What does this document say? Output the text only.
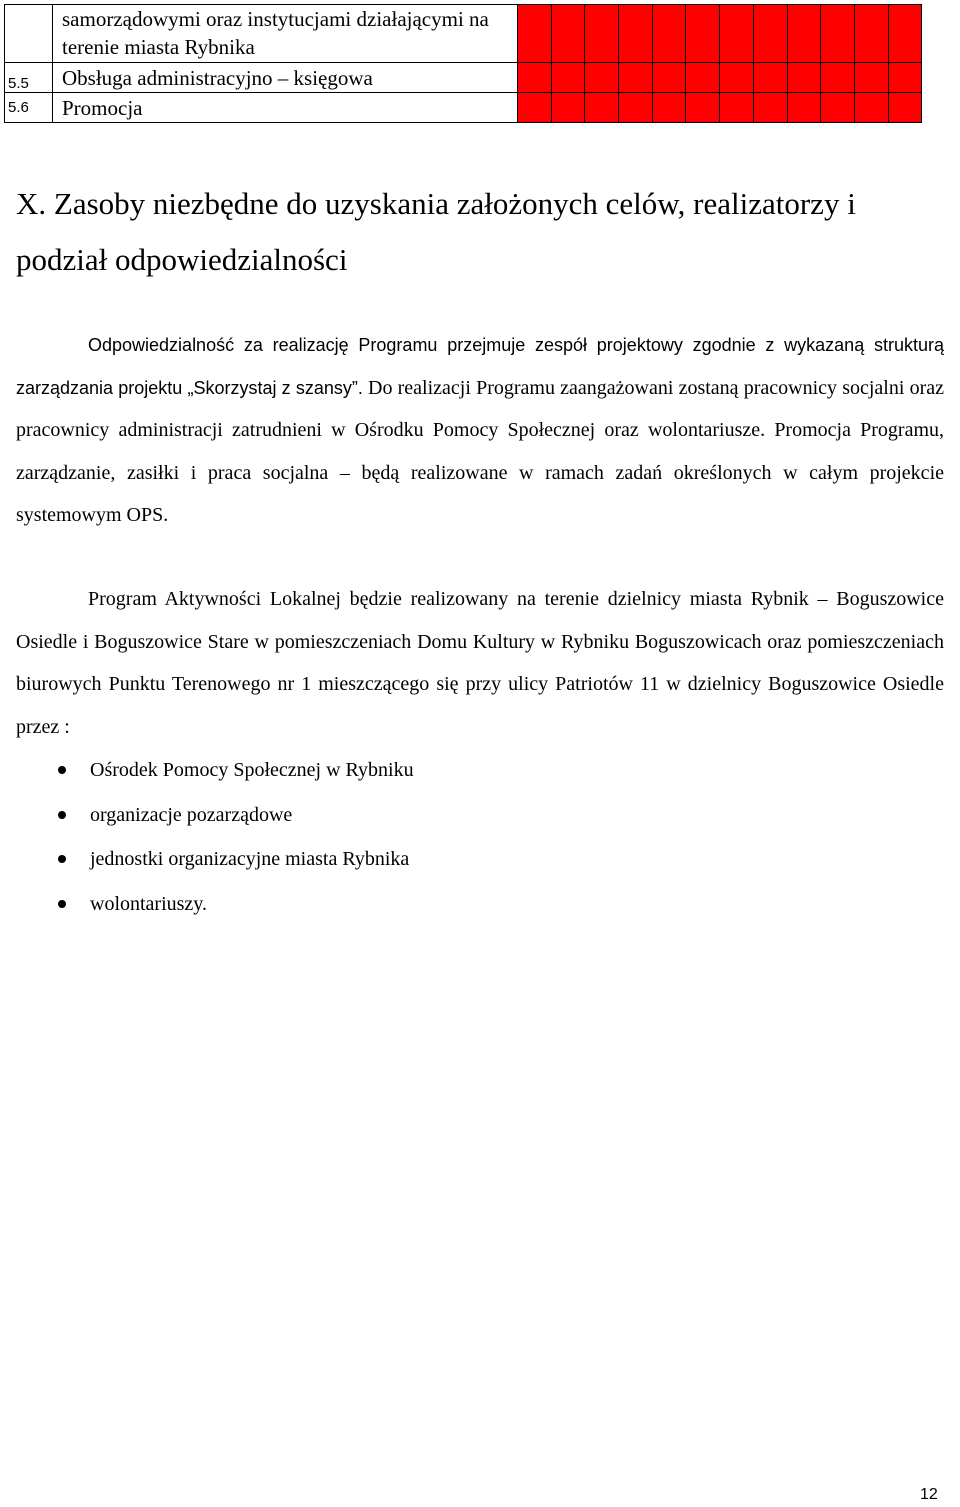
	samorządowymi oraz instytucjami działającymi na terenie miasta Rybnika												
5.5	Obsługa administracyjno – księgowa												
5.6	Promocja												
X. Zasoby niezbędne do uzyskania założonych celów, realizatorzy i podział odpowiedzialności

Odpowiedzialność za realizację Programu przejmuje zespół projektowy zgodnie z wykazaną strukturą zarządzania projektu „Skorzystaj z szansy”. Do realizacji Programu zaangażowani zostaną pracownicy socjalni oraz pracownicy administracji zatrudnieni w Ośrodku Pomocy Społecznej oraz wolontariusze. Promocja Programu, zarządzanie, zasiłki i praca socjalna – będą realizowane w ramach zadań określonych w całym projekcie systemowym OPS.

Program Aktywności Lokalnej będzie realizowany na terenie dzielnicy miasta Rybnik – Boguszowice Osiedle i Boguszowice Stare w pomieszczeniach Domu Kultury w Rybniku Boguszowicach oraz pomieszczeniach biurowych Punktu Terenowego nr 1 mieszczącego się przy ulicy Patriotów 11 w dzielnicy Boguszowice Osiedle przez :

Ośrodek Pomocy Społecznej w Rybniku
organizacje pozarządowe
jednostki organizacyjne miasta Rybnika
wolontariuszy.
12
